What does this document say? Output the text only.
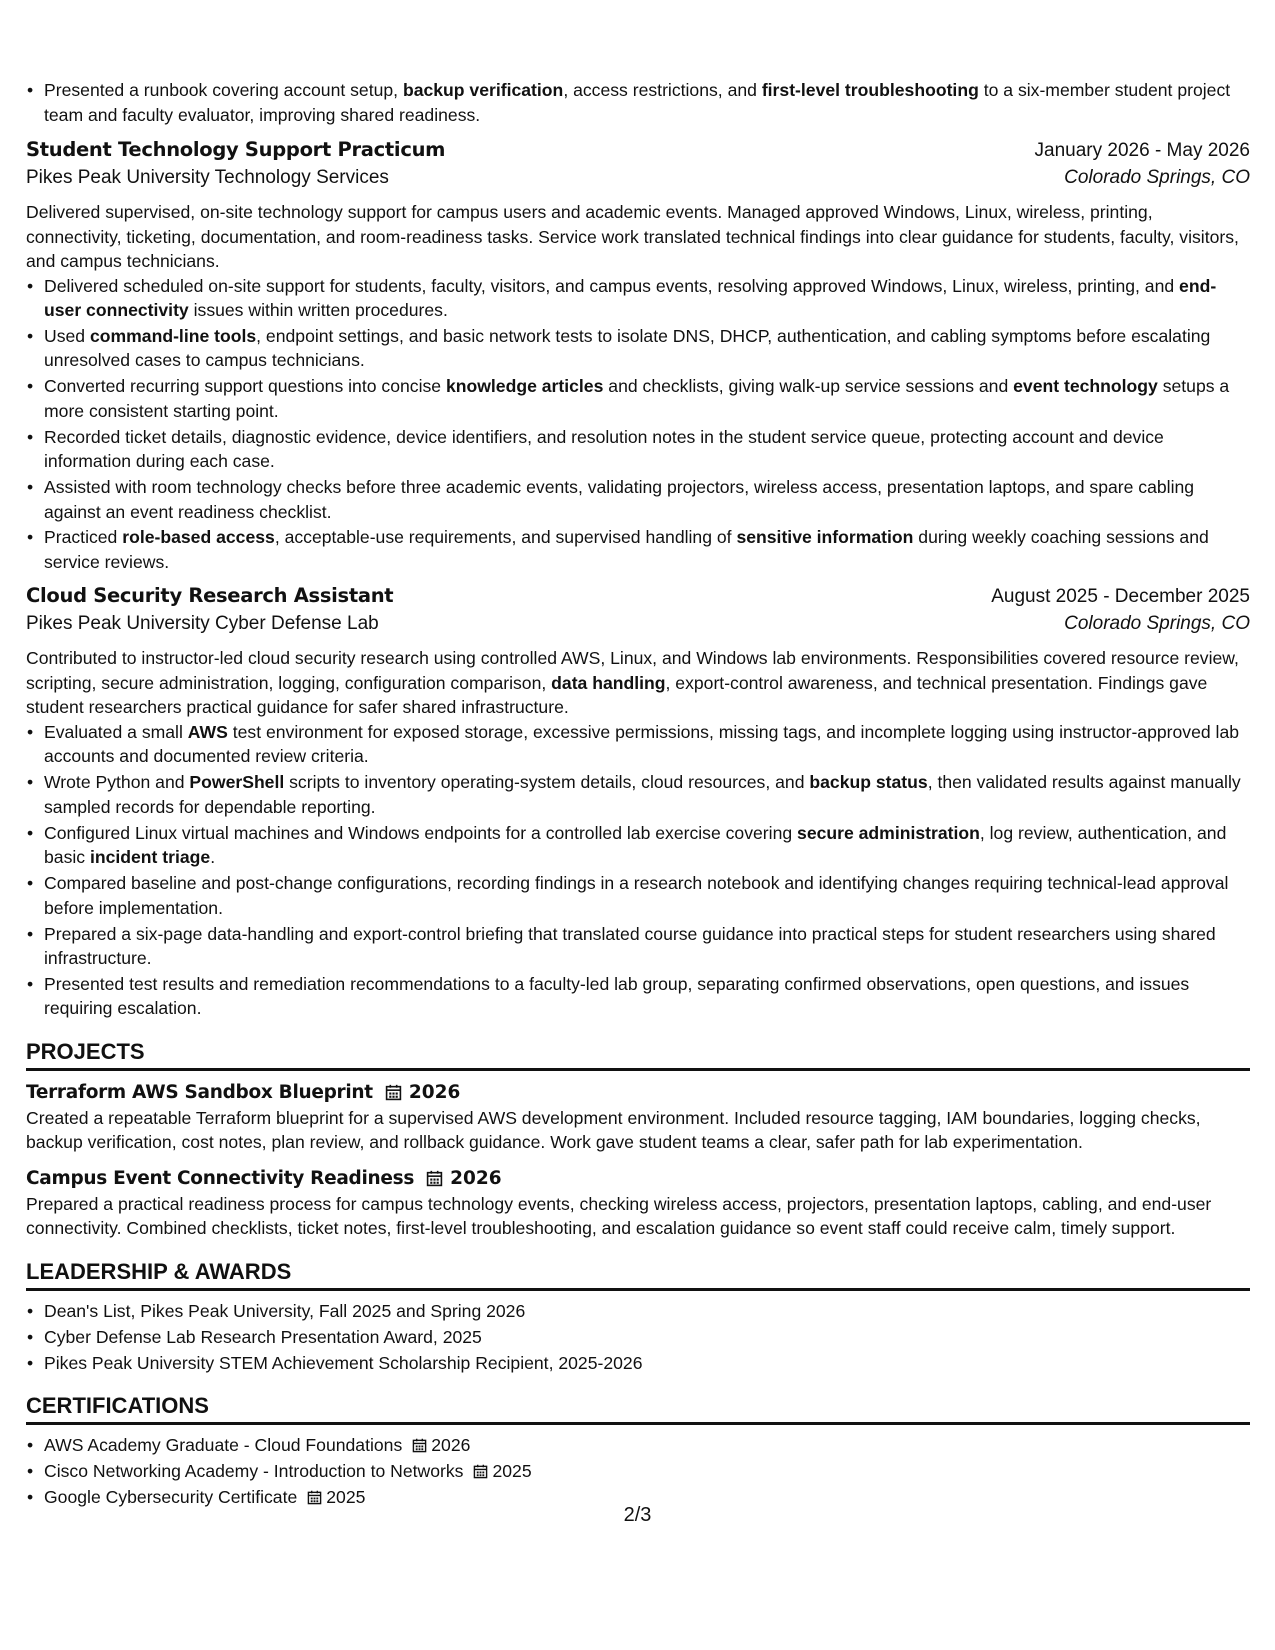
• Presented a runbook covering account setup, backup verification, access restrictions, and first-level troubleshooting to a six-member student project team and faculty evaluator, improving shared readiness.
Student Technology Support Practicum	January 2026 - May 2026
Pikes Peak University Technology Services	Colorado Springs, CO

Delivered supervised, on-site technology support for campus users and academic events. Managed approved Windows, Linux, wireless, printing, connectivity, ticketing, documentation, and room-readiness tasks. Service work translated technical findings into clear guidance for students, faculty, visitors, and campus technicians.

• Delivered scheduled on-site support for students, faculty, visitors, and campus events, resolving approved Windows, Linux, wireless, printing, and end-user connectivity issues within written procedures.
• Used command-line tools, endpoint settings, and basic network tests to isolate DNS, DHCP, authentication, and cabling symptoms before escalating unresolved cases to campus technicians.
• Converted recurring support questions into concise knowledge articles and checklists, giving walk-up service sessions and event technology setups a more consistent starting point.
• Recorded ticket details, diagnostic evidence, device identifiers, and resolution notes in the student service queue, protecting account and device information during each case.
• Assisted with room technology checks before three academic events, validating projectors, wireless access, presentation laptops, and spare cabling against an event readiness checklist.
• Practiced role-based access, acceptable-use requirements, and supervised handling of sensitive information during weekly coaching sessions and service reviews.
Cloud Security Research Assistant	August 2025 - December 2025
Pikes Peak University Cyber Defense Lab	Colorado Springs, CO

Contributed to instructor-led cloud security research using controlled AWS, Linux, and Windows lab environments. Responsibilities covered resource review, scripting, secure administration, logging, configuration comparison, data handling, export-control awareness, and technical presentation. Findings gave student researchers practical guidance for safer shared infrastructure.

• Evaluated a small AWS test environment for exposed storage, excessive permissions, missing tags, and incomplete logging using instructor-approved lab accounts and documented review criteria.
• Wrote Python and PowerShell scripts to inventory operating-system details, cloud resources, and backup status, then validated results against manually sampled records for dependable reporting.
• Configured Linux virtual machines and Windows endpoints for a controlled lab exercise covering secure administration, log review, authentication, and basic incident triage.
• Compared baseline and post-change configurations, recording findings in a research notebook and identifying changes requiring technical-lead approval before implementation.
• Prepared a six-page data-handling and export-control briefing that translated course guidance into practical steps for student researchers using shared infrastructure.
• Presented test results and remediation recommendations to a faculty-led lab group, separating confirmed observations, open questions, and issues requiring escalation.
PROJECTS
Terraform AWS Sandbox Blueprint 2026

Created a repeatable Terraform blueprint for a supervised AWS development environment. Included resource tagging, IAM boundaries, logging checks, backup verification, cost notes, plan review, and rollback guidance. Work gave student teams a clear, safer path for lab experimentation.

Campus Event Connectivity Readiness 2026

Prepared a practical readiness process for campus technology events, checking wireless access, projectors, presentation laptops, cabling, and end-user connectivity. Combined checklists, ticket notes, first-level troubleshooting, and escalation guidance so event staff could receive calm, timely support.

LEADERSHIP & AWARDS
• Dean's List, Pikes Peak University, Fall 2025 and Spring 2026
• Cyber Defense Lab Research Presentation Award, 2025
• Pikes Peak University STEM Achievement Scholarship Recipient, 2025-2026
CERTIFICATIONS
• AWS Academy Graduate - Cloud Foundations 2026
• Cisco Networking Academy - Introduction to Networks 2025
• Google Cybersecurity Certificate 2025
2/3
